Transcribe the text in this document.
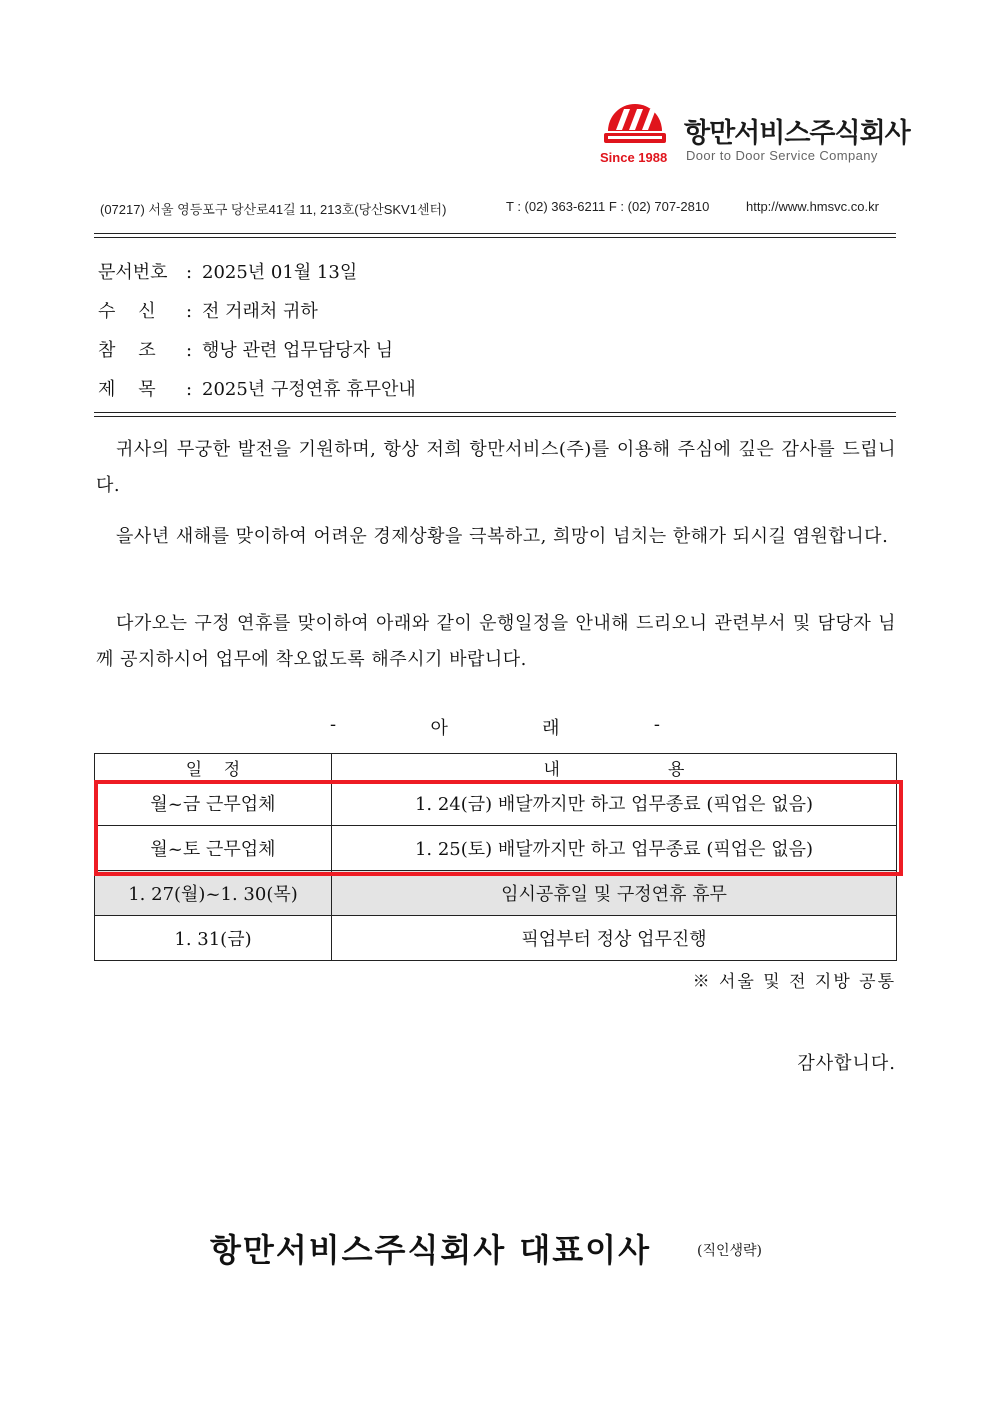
Since 1988
항만서비스주식회사
Door to Door Service Company
(07217) 서울 영등포구 당산로41길 11, 213호(당산SKV1센터)	T : (02) 363-6211 F : (02) 707-2810	http://www.hmsvc.co.kr
문서번호 : 2025년 01월 13일
수    신 : 전 거래처 귀하
참    조 : 행낭 관련 업무담당자 님
제    목 : 2025년 구정연휴 휴무안내
귀사의 무궁한 발전을 기원하며, 항상 저희 항만서비스(주)를 이용해 주심에 깊은 감사를 드립니다.
을사년 새해를 맞이하여 어려운 경제상황을 극복하고, 희망이 넘치는 한해가 되시길 염원합니다.
다가오는 구정 연휴를 맞이하여 아래와 같이 운행일정을 안내해 드리오니 관련부서 및 담당자 님께 공지하시어 업무에 착오없도록 해주시기 바랍니다.
-	아	래	-
일    정	내                    용
월~금 근무업체	1. 24(금) 배달까지만 하고 업무종료 (픽업은 없음)
월~토 근무업체	1. 25(토) 배달까지만 하고 업무종료 (픽업은 없음)
1. 27(월)~1. 30(목)	임시공휴일 및 구정연휴 휴무
1. 31(금)	픽업부터 정상 업무진행
※ 서울 및 전 지방 공통
감사합니다.
항만서비스주식회사 대표이사	(직인생략)
